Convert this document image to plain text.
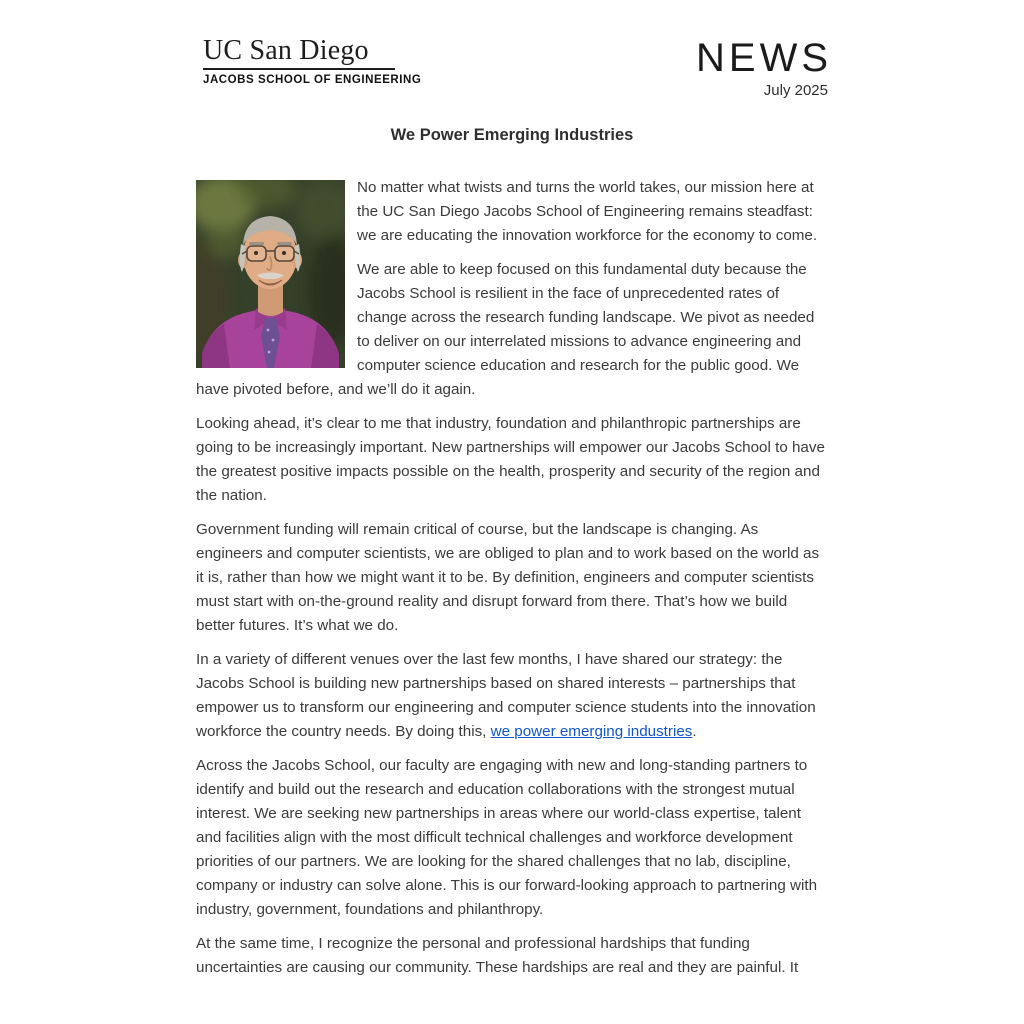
UC San Diego
JACOBS SCHOOL OF ENGINEERING
NEWS
July 2025
We Power Emerging Industries

No matter what twists and turns the world takes, our mission here at the UC San Diego Jacobs School of Engineering remains steadfast: we are educating the innovation workforce for the economy to come.

We are able to keep focused on this fundamental duty because the Jacobs School is resilient in the face of unprecedented rates of change across the research funding landscape. We pivot as needed to deliver on our interrelated missions to advance engineering and computer science education and research for the public good. We have pivoted before, and we’ll do it again.

Looking ahead, it’s clear to me that industry, foundation and philanthropic partnerships are going to be increasingly important. New partnerships will empower our Jacobs School to have the greatest positive impacts possible on the health, prosperity and security of the region and the nation.

Government funding will remain critical of course, but the landscape is changing. As engineers and computer scientists, we are obliged to plan and to work based on the world as it is, rather than how we might want it to be. By definition, engineers and computer scientists must start with on-the-ground reality and disrupt forward from there. That’s how we build better futures. It’s what we do.

In a variety of different venues over the last few months, I have shared our strategy: the Jacobs School is building new partnerships based on shared interests – partnerships that empower us to transform our engineering and computer science students into the innovation workforce the country needs. By doing this, we power emerging industries.

Across the Jacobs School, our faculty are engaging with new and long-standing partners to identify and build out the research and education collaborations with the strongest mutual interest. We are seeking new partnerships in areas where our world-class expertise, talent and facilities align with the most difficult technical challenges and workforce development priorities of our partners. We are looking for the shared challenges that no lab, discipline, company or industry can solve alone. This is our forward-looking approach to partnering with industry, government, foundations and philanthropy.

At the same time, I recognize the personal and professional hardships that funding uncertainties are causing our community. These hardships are real and they are painful. It
